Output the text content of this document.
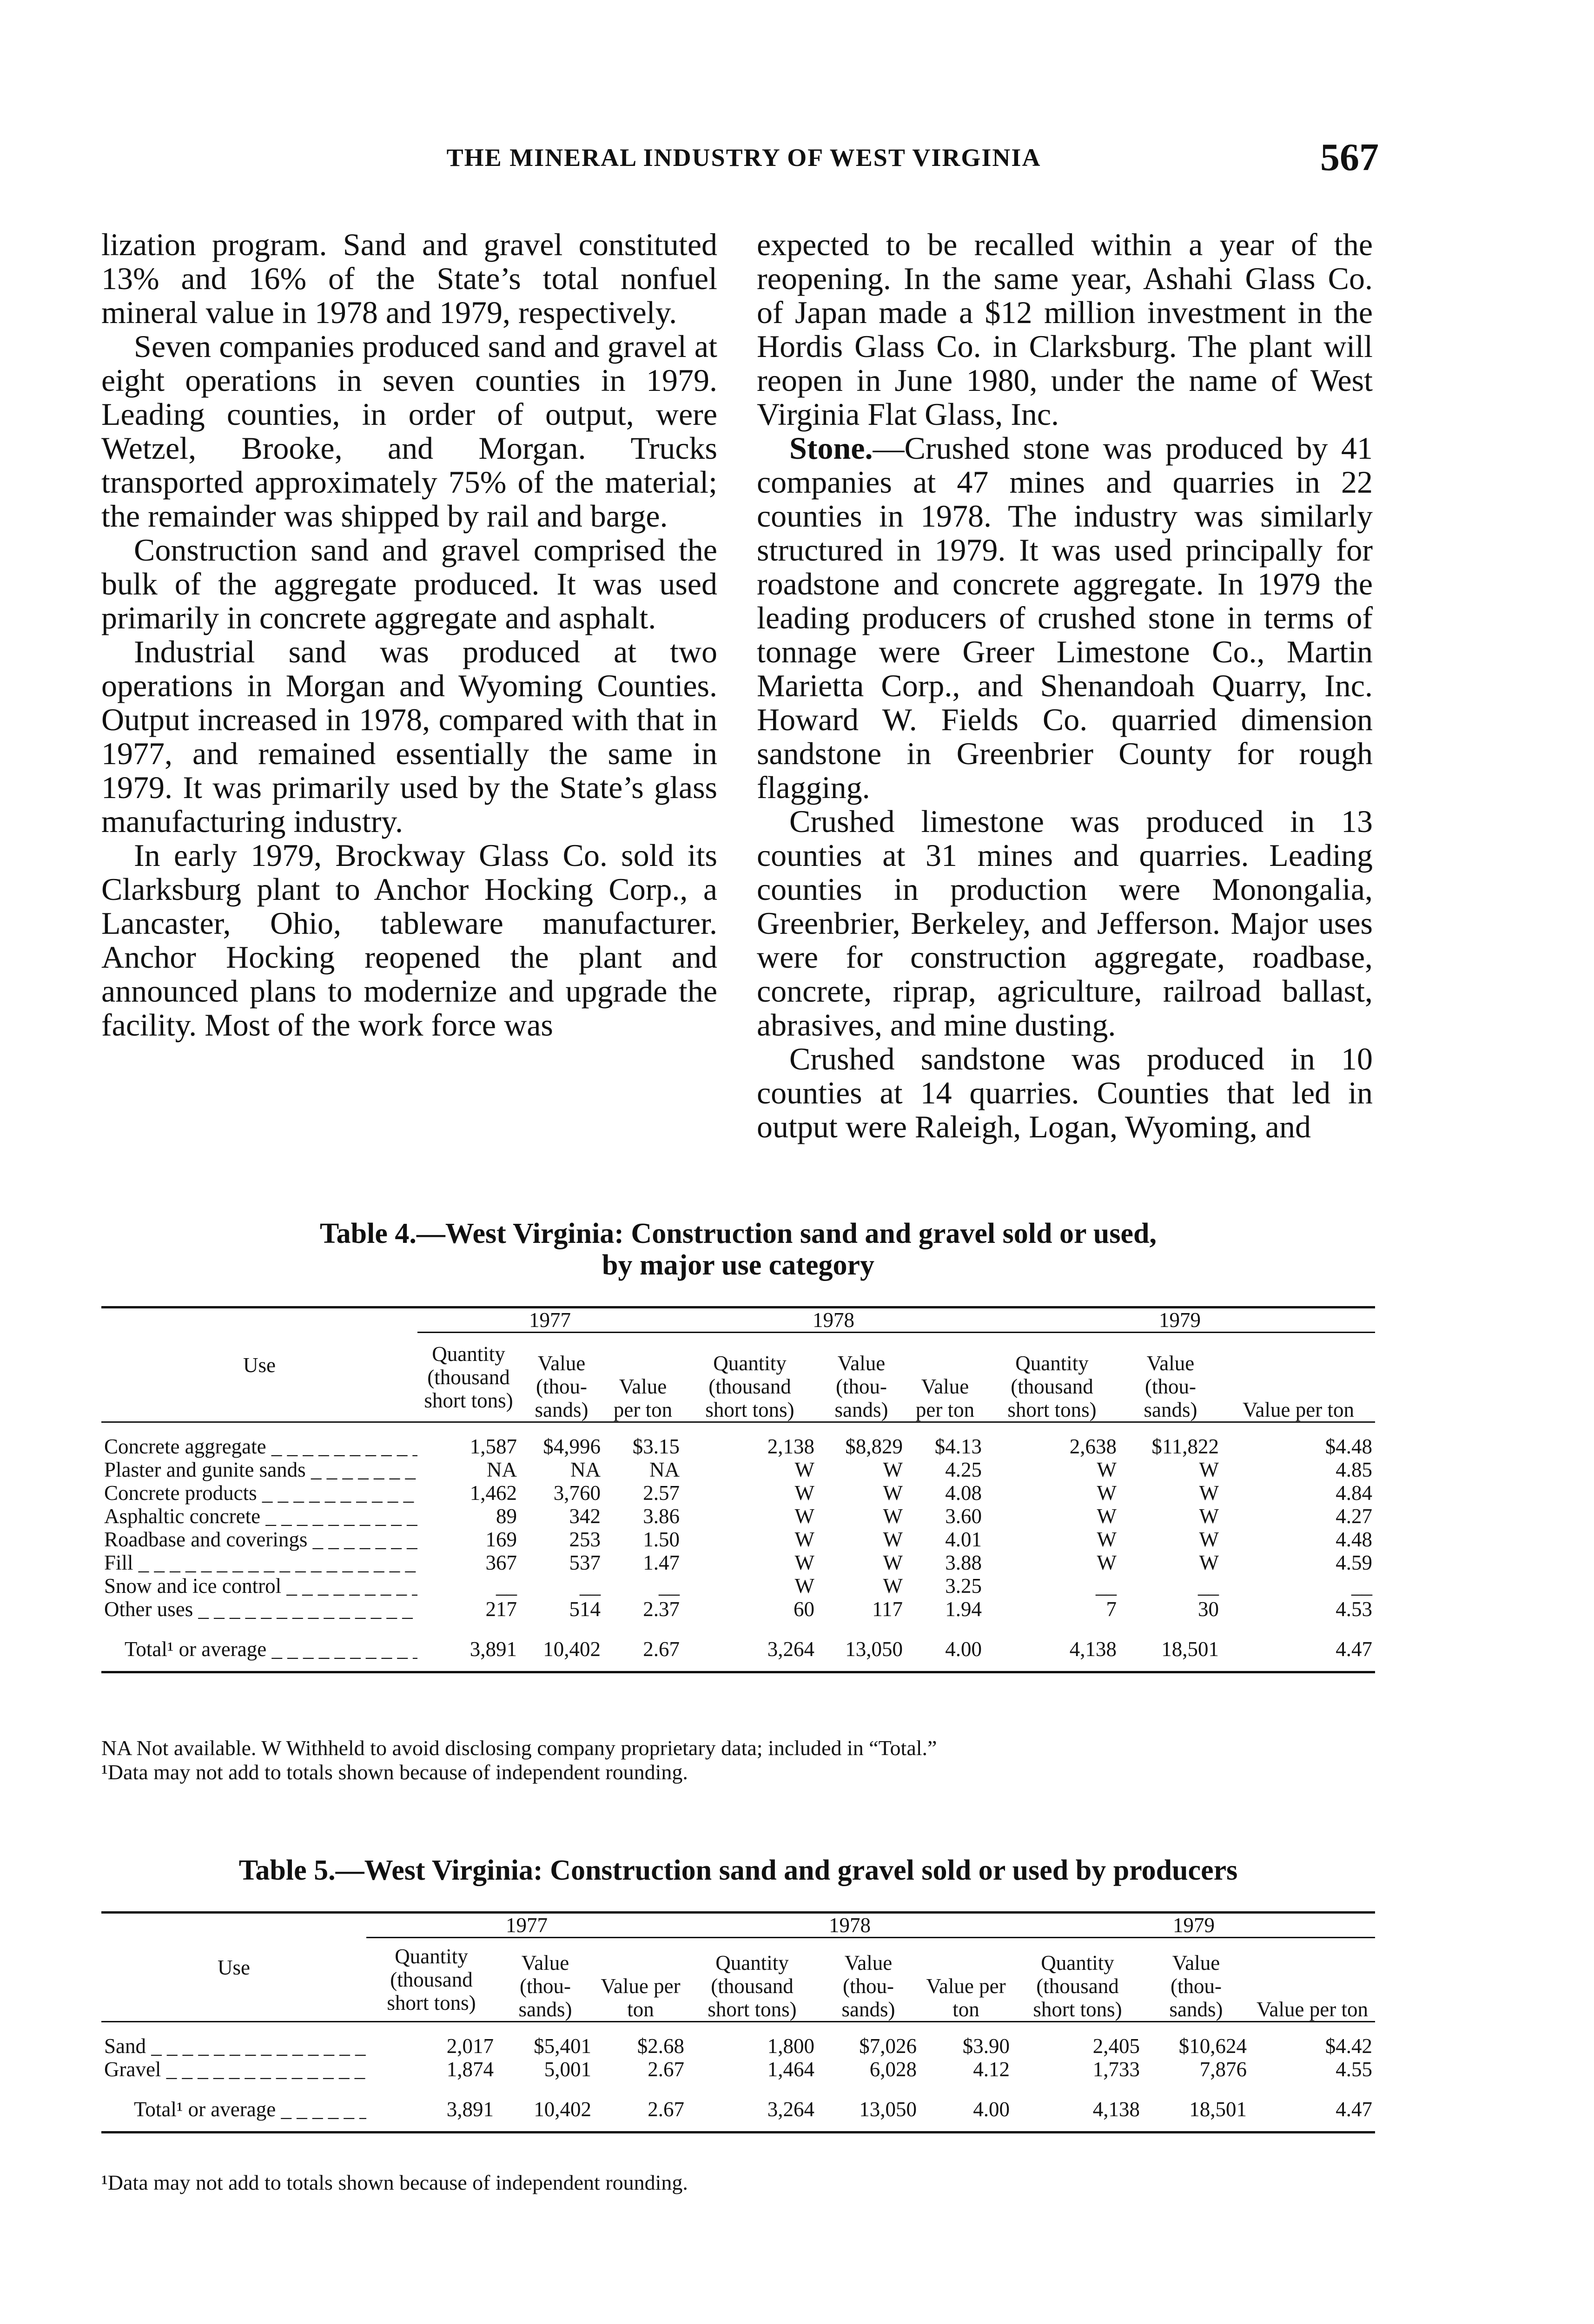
THE MINERAL INDUSTRY OF WEST VIRGINIA	567

lization program. Sand and gravel constituted 13% and 16% of the State’s total nonfuel mineral value in 1978 and 1979, respectively.

Seven companies produced sand and gravel at eight operations in seven counties in 1979. Leading counties, in order of output, were Wetzel, Brooke, and Morgan. Trucks transported approximately 75% of the material; the remainder was shipped by rail and barge.

Construction sand and gravel comprised the bulk of the aggregate produced. It was used primarily in concrete aggregate and asphalt.

Industrial sand was produced at two operations in Morgan and Wyoming Counties. Output increased in 1978, compared with that in 1977, and remained essentially the same in 1979. It was primarily used by the State’s glass manufacturing industry.

In early 1979, Brockway Glass Co. sold its Clarksburg plant to Anchor Hocking Corp., a Lancaster, Ohio, tableware manufacturer. Anchor Hocking reopened the plant and announced plans to modernize and upgrade the facility. Most of the work force was

expected to be recalled within a year of the reopening. In the same year, Ashahi Glass Co. of Japan made a $12 million investment in the Hordis Glass Co. in Clarksburg. The plant will reopen in June 1980, under the name of West Virginia Flat Glass, Inc.

Stone.—Crushed stone was produced by 41 companies at 47 mines and quarries in 22 counties in 1978. The industry was similarly structured in 1979. It was used principally for roadstone and concrete aggregate. In 1979 the leading producers of crushed stone in terms of tonnage were Greer Limestone Co., Martin Marietta Corp., and Shenandoah Quarry, Inc. Howard W. Fields Co. quarried dimension sandstone in Greenbrier County for rough flagging.

Crushed limestone was produced in 13 counties at 31 mines and quarries. Leading counties in production were Monongalia, Greenbrier, Berkeley, and Jefferson. Major uses were for construction aggregate, roadbase, concrete, riprap, agriculture, railroad ballast, abrasives, and mine dusting.

Crushed sandstone was produced in 10 counties at 14 quarries. Counties that led in output were Raleigh, Logan, Wyoming, and

Table 4.—West Virginia: Construction sand and gravel sold or used,
by major use category
Use	1977			1978			1979		
	Quantity (thousand short tons)	Value (thou- sands)	Value per ton	Quantity (thousand short tons)	Value (thou- sands)	Value per ton	Quantity (thousand short tons)	Value (thou- sands)	Value per ton
Concrete aggregate _ _ _	1,587	$4,996	$3.15	2,138	$8,829	$4.13	2,638	$11,822	$4.48
Plaster and gunite sands _ _ _	NA	NA	NA	W	W	4.25	W	W	4.85
Concrete products _ _ _	1,462	3,760	2.57	W	W	4.08	W	W	4.84
Asphaltic concrete _ _ _	89	342	3.86	W	W	3.60	W	W	4.27
Roadbase and coverings _ _ _	169	253	1.50	W	W	4.01	W	W	4.48
Fill _ _ _	367	537	1.47	W	W	3.88	W	W	4.59
Snow and ice control _ _ _	__	__	__	W	W	3.25	__	__	__
Other uses _ _ _	217	514	2.37	60	117	1.94	7	30	4.53
Total¹ or average _ _ _	3,891	10,402	2.67	3,264	13,050	4.00	4,138	18,501	4.47
NA Not available. W Withheld to avoid disclosing company proprietary data; included in “Total.”
¹Data may not add to totals shown because of independent rounding.
Table 5.—West Virginia: Construction sand and gravel sold or used by producers
Use	1977			1978			1979		
	Quantity (thousand short tons)	Value (thou- sands)	Value per ton	Quantity (thousand short tons)	Value (thou- sands)	Value per ton	Quantity (thousand short tons)	Value (thou- sands)	Value per ton
Sand _ _ _	2,017	$5,401	$2.68	1,800	$7,026	$3.90	2,405	$10,624	$4.42
Gravel _ _ _	1,874	5,001	2.67	1,464	6,028	4.12	1,733	7,876	4.55
Total¹ or average _ _ _	3,891	10,402	2.67	3,264	13,050	4.00	4,138	18,501	4.47
¹Data may not add to totals shown because of independent rounding.
